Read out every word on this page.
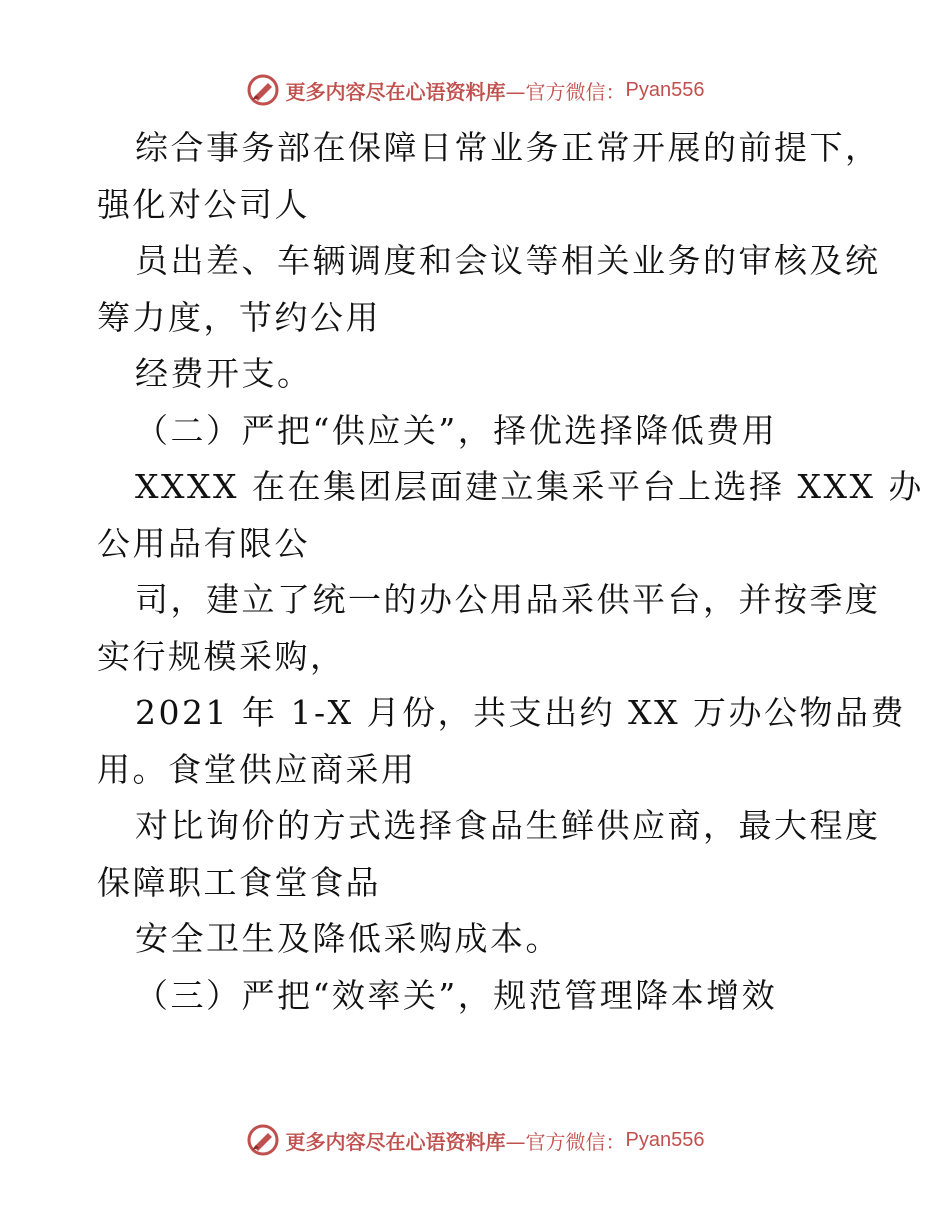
更多内容尽在心语资料库 —官方微信： Pyan556
综合事务部在保障日常业务正常开展的前提下，
强化对公司人
员出差、车辆调度和会议等相关业务的审核及统
筹力度，节约公用
经费开支。
（二）严把“供应关”，择优选择降低费用
XXXX 在在集团层面建立集采平台上选择 XXX 办
公用品有限公
司，建立了统一的办公用品采供平台，并按季度
实行规模采购，
2021 年 1-X 月份，共支出约 XX 万办公物品费
用。食堂供应商采用
对比询价的方式选择食品生鲜供应商，最大程度
保障职工食堂食品
安全卫生及降低采购成本。
（三）严把“效率关”，规范管理降本增效
更多内容尽在心语资料库 —官方微信： Pyan556
